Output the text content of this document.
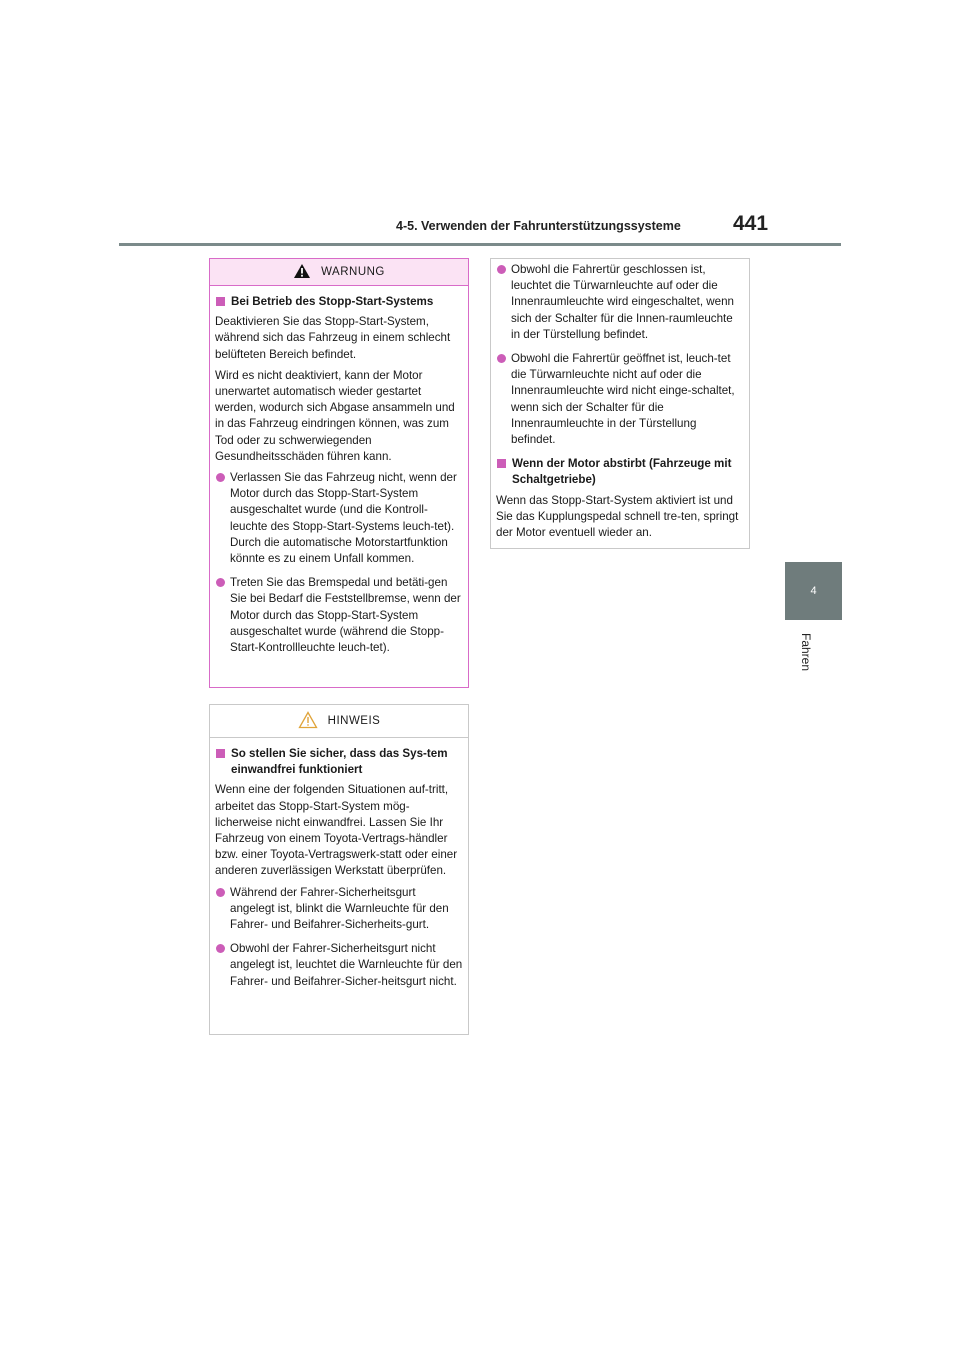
4-5. Verwenden der Fahrunterstützungssysteme 441
4
Fahren
WARNUNG
Bei Betrieb des Stopp-Start-Systems

Deaktivieren Sie das Stopp-Start-System, während sich das Fahrzeug in einem schlecht belüfteten Bereich befindet.

Wird es nicht deaktiviert, kann der Motor unerwartet automatisch wieder gestartet werden, wodurch sich Abgase ansammeln und in das Fahrzeug eindringen können, was zum Tod oder zu schwerwiegenden Gesundheitsschäden führen kann.

Verlassen Sie das Fahrzeug nicht, wenn der Motor durch das Stopp-Start-System ausgeschaltet wurde (und die Kontroll-leuchte des Stopp-Start-Systems leuch-tet). Durch die automatische Motorstartfunktion könnte es zu einem Unfall kommen.
Treten Sie das Bremspedal und betäti-gen Sie bei Bedarf die Feststellbremse, wenn der Motor durch das Stopp-Start-System ausgeschaltet wurde (während die Stopp-Start-Kontrollleuchte leuch-tet).
HINWEIS
So stellen Sie sicher, dass das Sys-tem einwandfrei funktioniert

Wenn eine der folgenden Situationen auf-tritt, arbeitet das Stopp-Start-System mög-licherweise nicht einwandfrei. Lassen Sie Ihr Fahrzeug von einem Toyota-Vertrags-händler bzw. einer Toyota-Vertragswerk-statt oder einer anderen zuverlässigen Werkstatt überprüfen.

Während der Fahrer-Sicherheitsgurt angelegt ist, blinkt die Warnleuchte für den Fahrer- und Beifahrer-Sicherheits-gurt.
Obwohl der Fahrer-Sicherheitsgurt nicht angelegt ist, leuchtet die Warnleuchte für den Fahrer- und Beifahrer-Sicher-heitsgurt nicht.
Obwohl die Fahrertür geschlossen ist, leuchtet die Türwarnleuchte auf oder die Innenraumleuchte wird eingeschaltet, wenn sich der Schalter für die Innen-raumleuchte in der Türstellung befindet.
Obwohl die Fahrertür geöffnet ist, leuch-tet die Türwarnleuchte nicht auf oder die Innenraumleuchte wird nicht einge-schaltet, wenn sich der Schalter für die Innenraumleuchte in der Türstellung befindet.
Wenn der Motor abstirbt (Fahrzeuge mit Schaltgetriebe)

Wenn das Stopp-Start-System aktiviert ist und Sie das Kupplungspedal schnell tre-ten, springt der Motor eventuell wieder an.
